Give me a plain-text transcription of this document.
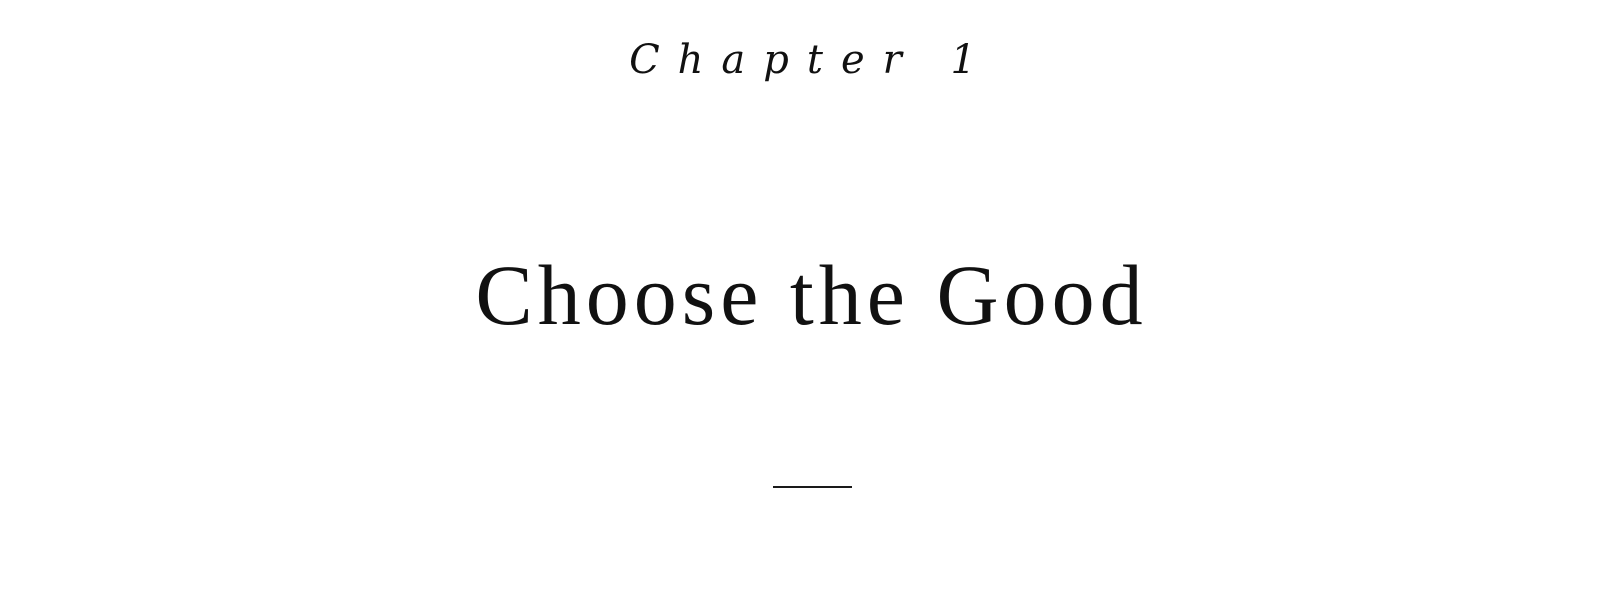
Chapter 1
Choose the Good
